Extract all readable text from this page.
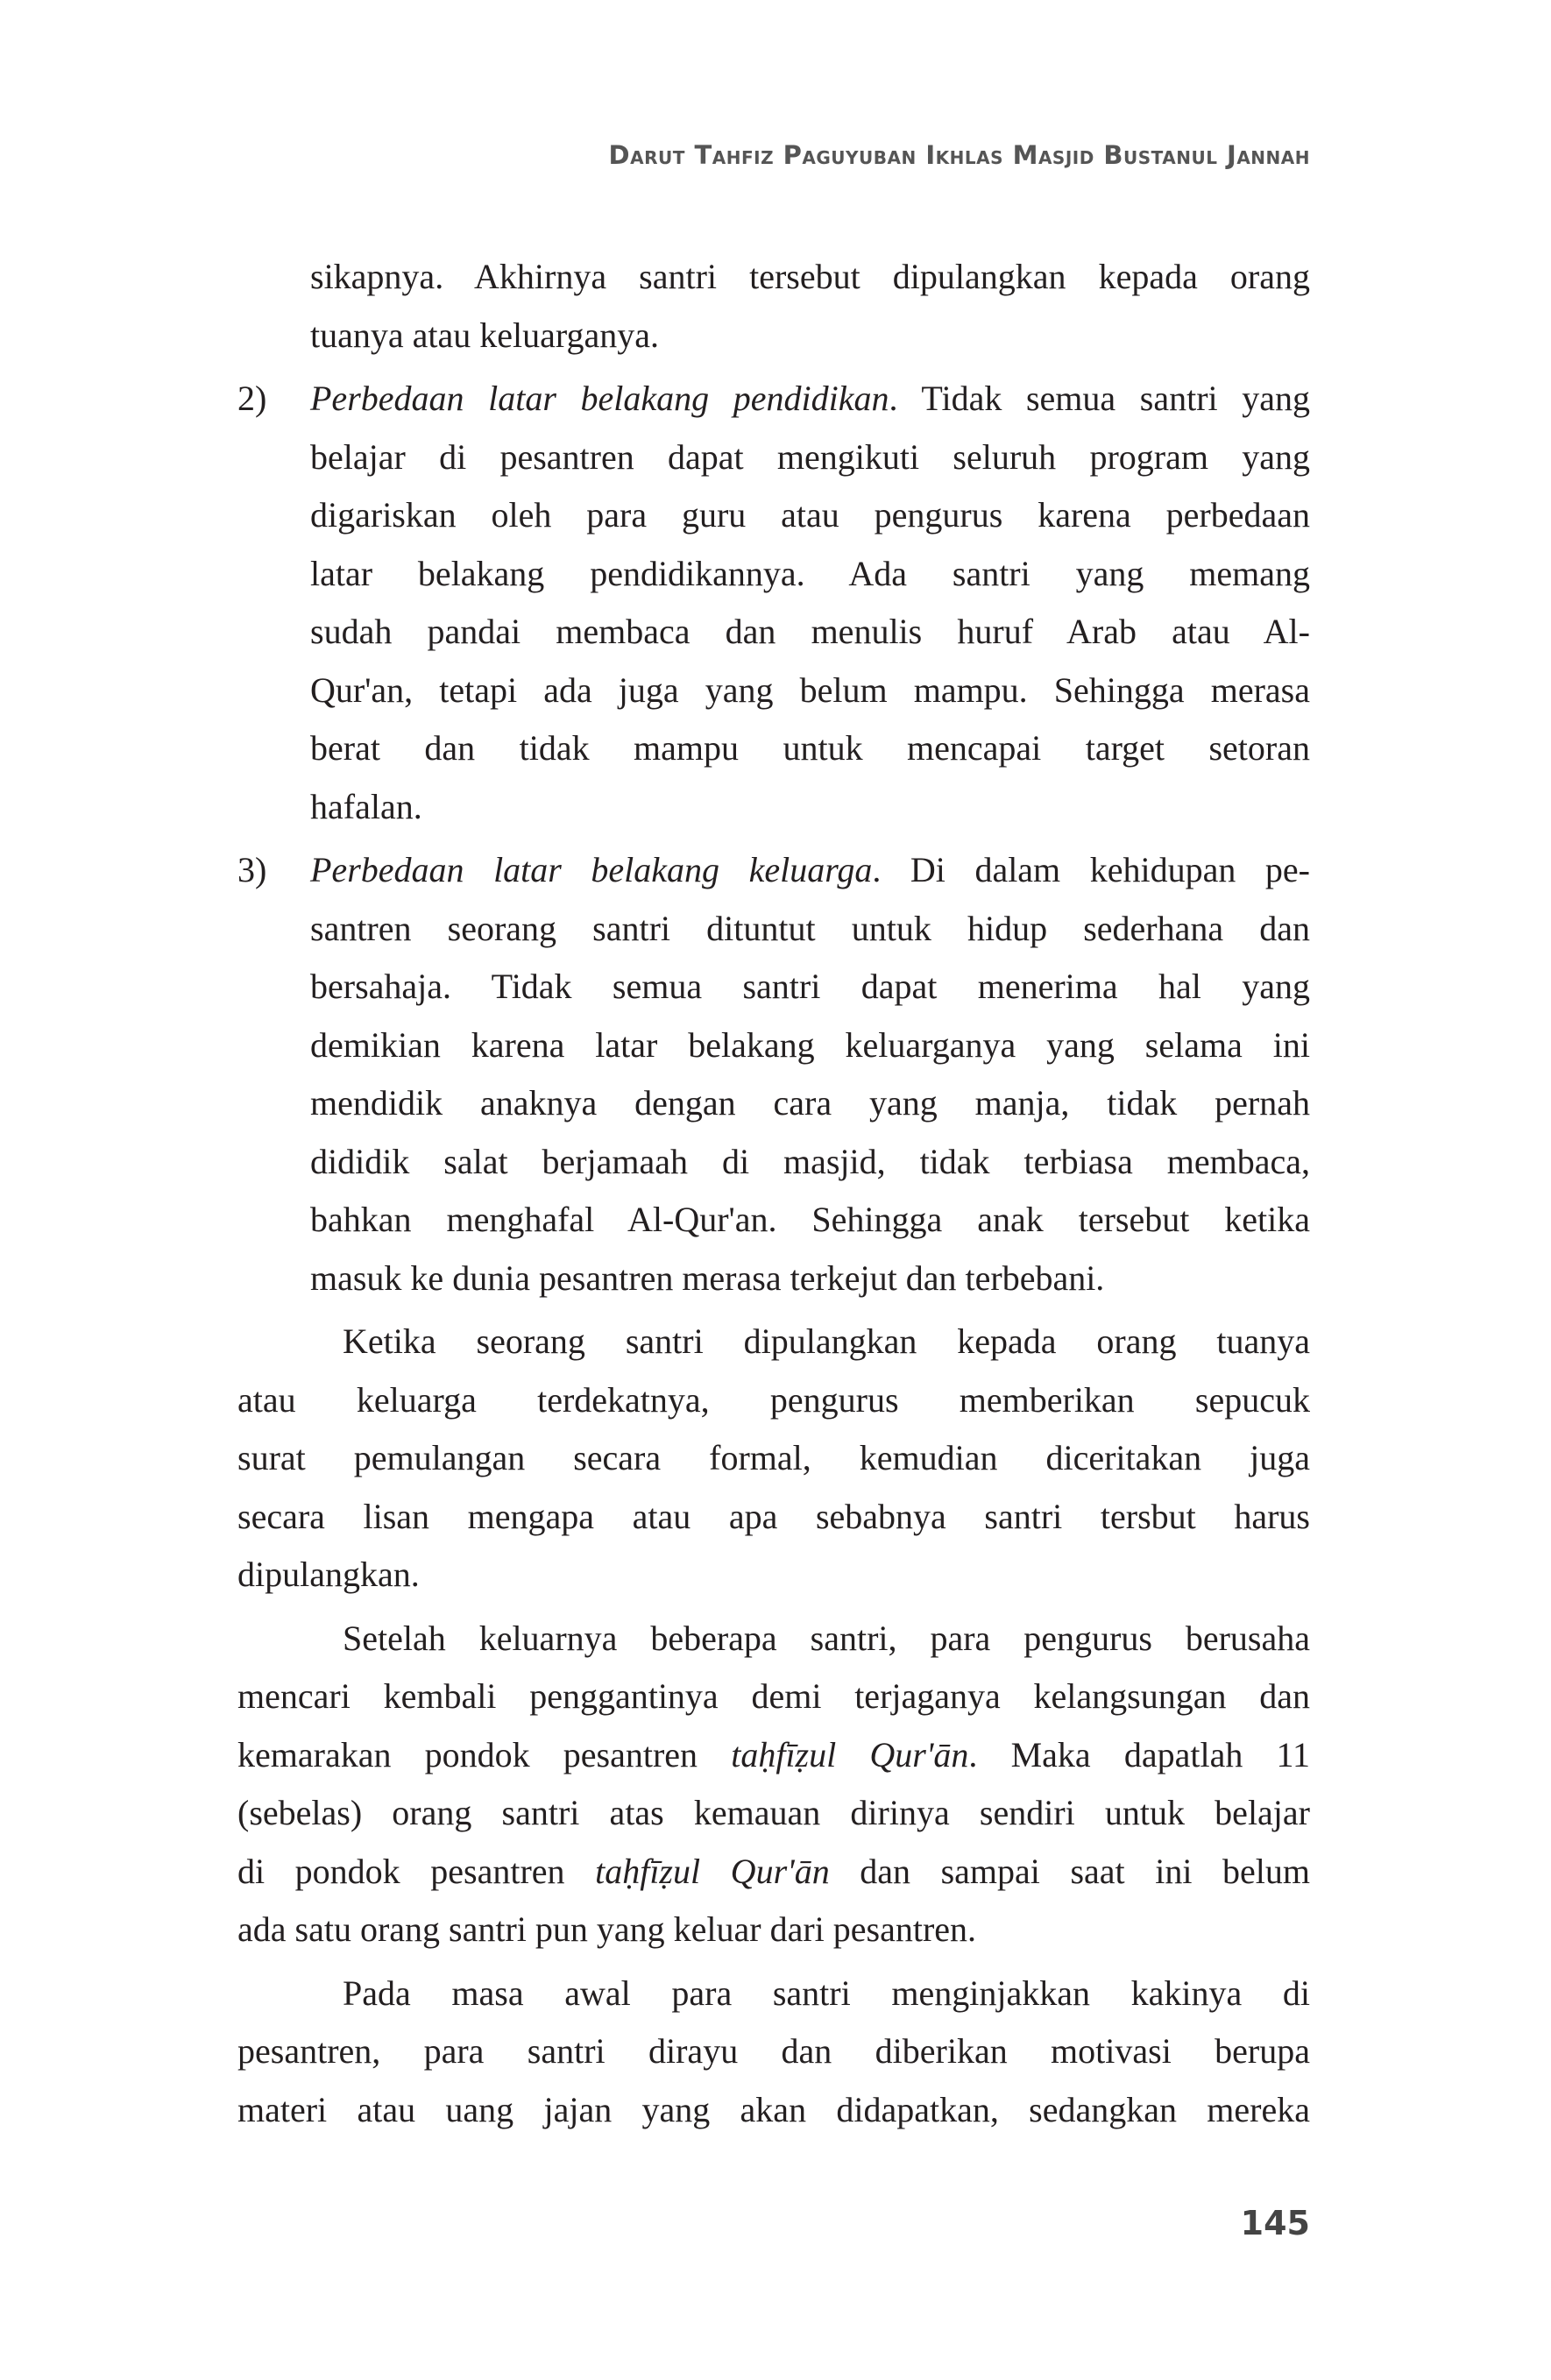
Darut Tahfiz Paguyuban Ikhlas Masjid Bustanul Jannah
sikapnya. Akhirnya santri tersebut dipulangkan kepada orang
tuanya atau keluarganya.
2) Perbedaan latar belakang pendidikan. Tidak semua santri yang
belajar di pesantren dapat mengikuti seluruh program yang
digariskan oleh para guru atau pengurus karena perbedaan
latar belakang pendidikannya. Ada santri yang memang
sudah pandai membaca dan menulis huruf Arab atau Al-
Qur'an, tetapi ada juga yang belum mampu. Sehingga merasa
berat dan tidak mampu untuk mencapai target setoran
hafalan.
3) Perbedaan latar belakang keluarga. Di dalam kehidupan pe-
santren seorang santri dituntut untuk hidup sederhana dan
bersahaja. Tidak semua santri dapat menerima hal yang
demikian karena latar belakang keluarganya yang selama ini
mendidik anaknya dengan cara yang manja, tidak pernah
dididik salat berjamaah di masjid, tidak terbiasa membaca,
bahkan menghafal Al-Qur'an. Sehingga anak tersebut ketika
masuk ke dunia pesantren merasa terkejut dan terbebani.
Ketika seorang santri dipulangkan kepada orang tuanya
atau keluarga terdekatnya, pengurus memberikan sepucuk
surat pemulangan secara formal, kemudian diceritakan juga
secara lisan mengapa atau apa sebabnya santri tersbut harus
dipulangkan.
Setelah keluarnya beberapa santri, para pengurus berusaha
mencari kembali penggantinya demi terjaganya kelangsungan dan
kemarakan pondok pesantren taḥfīẓul Qur'ān. Maka dapatlah 11
(sebelas) orang santri atas kemauan dirinya sendiri untuk belajar
di pondok pesantren taḥfīẓul Qur'ān dan sampai saat ini belum
ada satu orang santri pun yang keluar dari pesantren.
Pada masa awal para santri menginjakkan kakinya di
pesantren, para santri dirayu dan diberikan motivasi berupa
materi atau uang jajan yang akan didapatkan, sedangkan mereka
145
